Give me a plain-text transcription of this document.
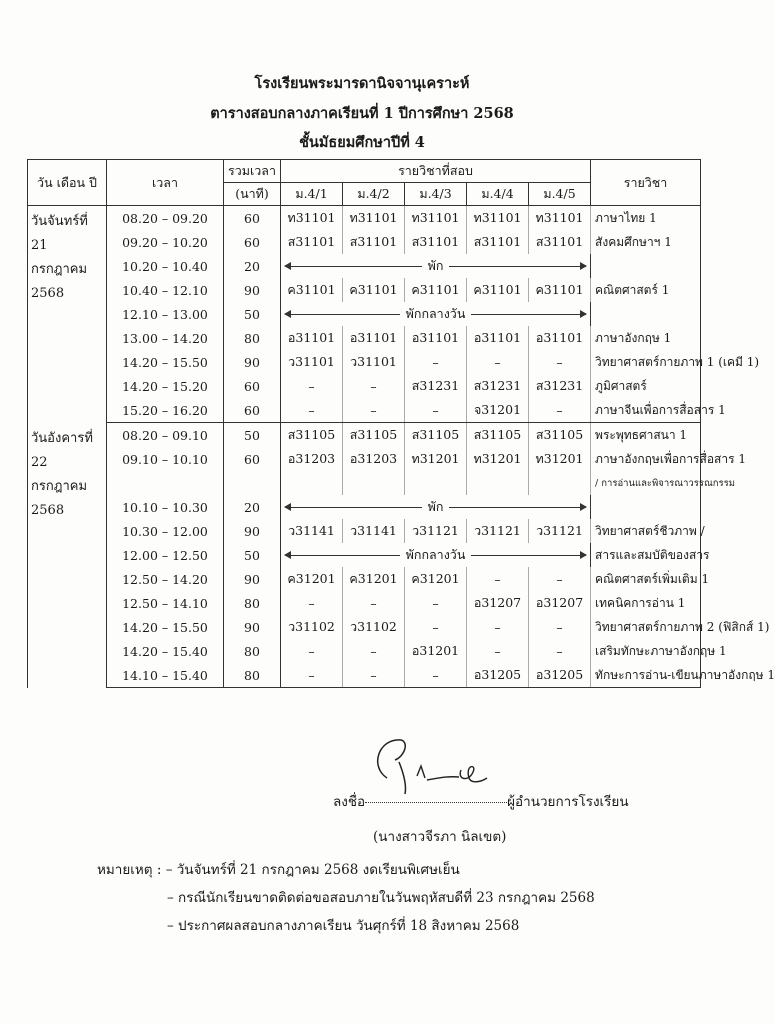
โรงเรียนพระมารดานิจจานุเคราะห์
ตารางสอบกลางภาคเรียนที่ 1 ปีการศึกษา 2568
ชั้นมัธยมศึกษาปีที่ 4
วัน เดือน ปี	เวลา	รวมเวลา	รายวิชาที่สอบ					รายวิชา
		(นาที)	ม.4/1	ม.4/2	ม.4/3	ม.4/4	ม.4/5	

วันจันทร์ที่
21 กรกฎาคม
2568	08.20 – 09.20	60	ท31101	ท31101	ท31101	ท31101	ท31101	ภาษาไทย 1
	09.20 – 10.20	60	ส31101	ส31101	ส31101	ส31101	ส31101	สังคมศึกษาฯ 1
	10.20 – 10.40	20	พัก					
	10.40 – 12.10	90	ค31101	ค31101	ค31101	ค31101	ค31101	คณิตศาสตร์ 1
	12.10 – 13.00	50	พักกลางวัน					
	13.00 – 14.20	80	อ31101	อ31101	อ31101	อ31101	อ31101	ภาษาอังกฤษ 1
	14.20 – 15.50	90	ว31101	ว31101	–	–	–	วิทยาศาสตร์กายภาพ 1 (เคมี 1)
	14.20 – 15.20	60	–	–	ส31231	ส31231	ส31231	ภูมิศาสตร์
	15.20 – 16.20	60	–	–	–	จ31201	–	ภาษาจีนเพื่อการสื่อสาร 1

วันอังคารที่
22 กรกฎาคม
2568	08.20 – 09.10	50	ส31105	ส31105	ส31105	ส31105	ส31105	พระพุทธศาสนา 1
	09.10 – 10.10	60	อ31203	อ31203	ท31201	ท31201	ท31201	ภาษาอังกฤษเพื่อการสื่อสาร 1
								/ การอ่านและพิจารณาวรรณกรรม
	10.10 – 10.30	20	พัก					
	10.30 – 12.00	90	ว31141	ว31141	ว31121	ว31121	ว31121	วิทยาศาสตร์ชีวภาพ /
	12.00 – 12.50	50	พักกลางวัน					สารและสมบัติของสาร
	12.50 – 14.20	90	ค31201	ค31201	ค31201	–	–	คณิตศาสตร์เพิ่มเติม 1
	12.50 – 14.10	80	–	–	–	อ31207	อ31207	เทคนิคการอ่าน 1
	14.20 – 15.50	90	ว31102	ว31102	–	–	–	วิทยาศาสตร์กายภาพ 2 (ฟิสิกส์ 1)
	14.20 – 15.40	80	–	–	อ31201	–	–	เสริมทักษะภาษาอังกฤษ 1
	14.10 – 15.40	80	–	–	–	อ31205	อ31205	ทักษะการอ่าน-เขียนภาษาอังกฤษ 1
ลงชื่อ	ผู้อำนวยการโรงเรียน
(นางสาวจีรภา นิลเขต)
หมายเหตุ : – วันจันทร์ที่ 21 กรกฎาคม 2568 งดเรียนพิเศษเย็น
– กรณีนักเรียนขาดติดต่อขอสอบภายในวันพฤหัสบดีที่ 23 กรกฎาคม 2568
– ประกาศผลสอบกลางภาคเรียน วันศุกร์ที่ 18 สิงหาคม 2568
